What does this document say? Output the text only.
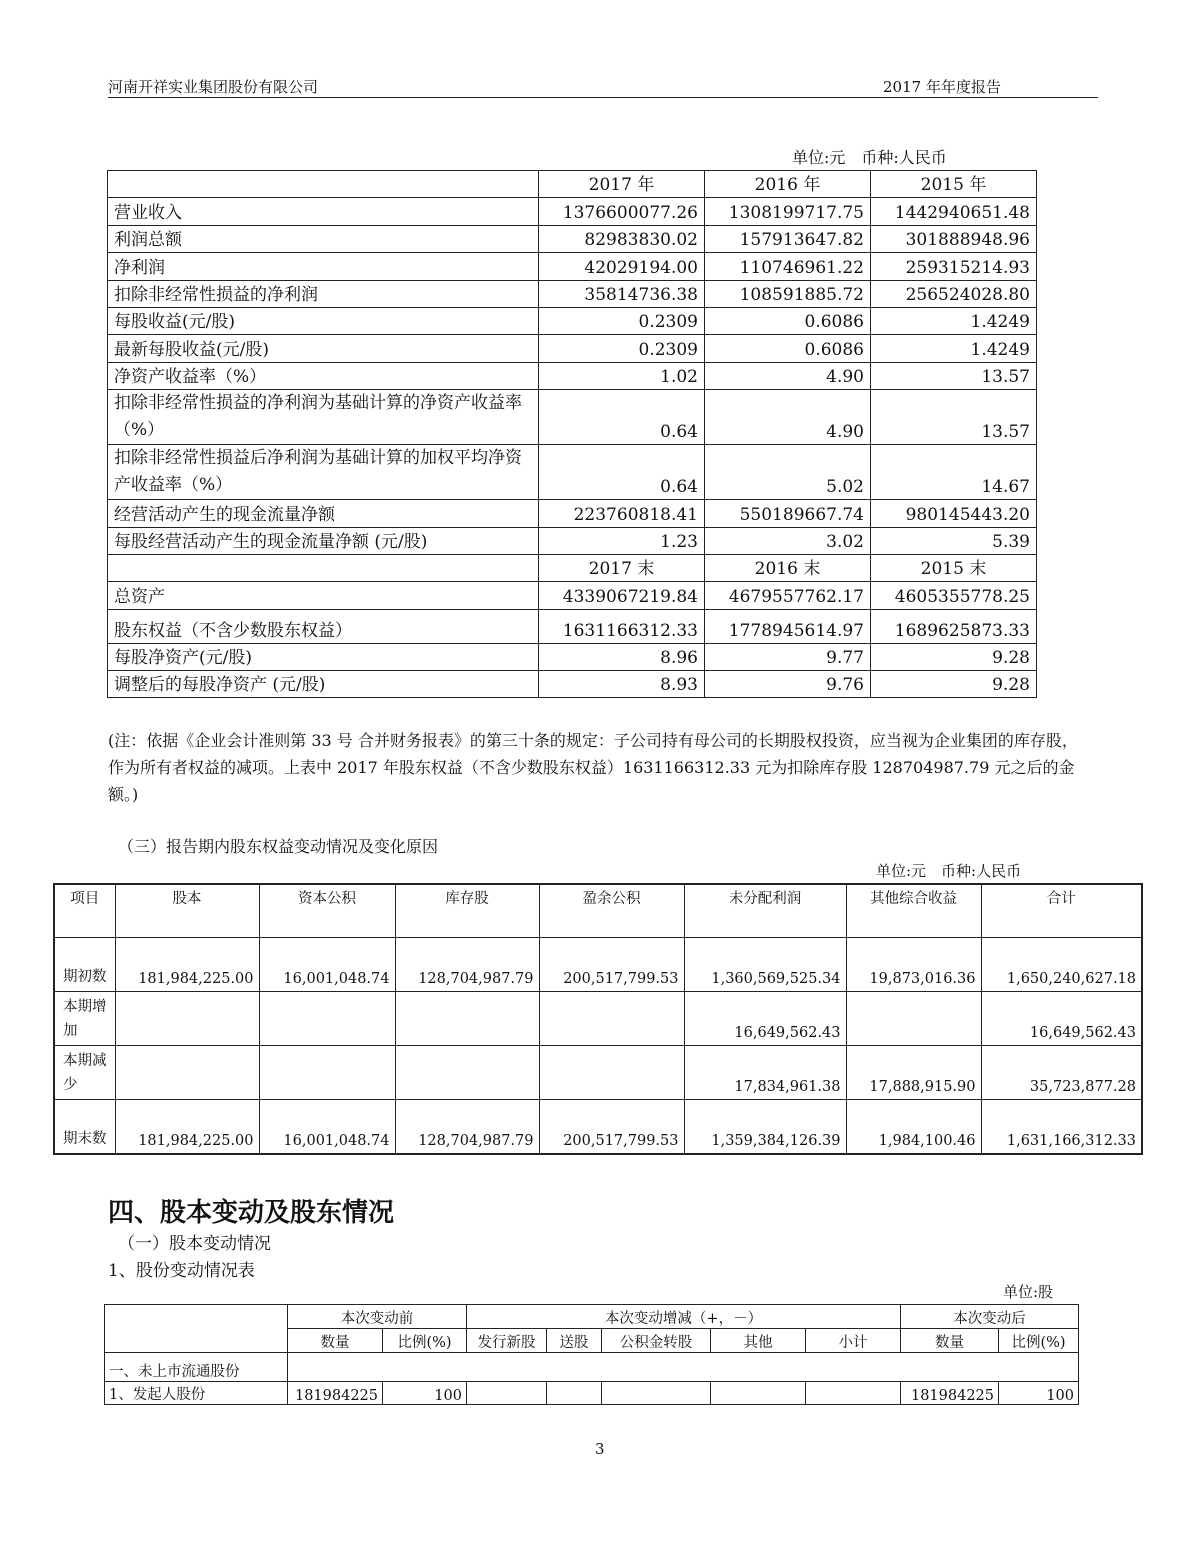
河南开祥实业集团股份有限公司	2017 年年度报告
单位:元　币种:人民币
	2017 年	2016 年	2015 年
营业收入	1376600077.26	1308199717.75	1442940651.48
利润总额	82983830.02	157913647.82	301888948.96
净利润	42029194.00	110746961.22	259315214.93
扣除非经常性损益的净利润	35814736.38	108591885.72	256524028.80
每股收益(元/股)	0.2309	0.6086	1.4249
最新每股收益(元/股)	0.2309	0.6086	1.4249
净资产收益率（%）	1.02	4.90	13.57
扣除非经常性损益的净利润为基础计算的净资产收益率（%）	0.64	4.90	13.57
扣除非经常性损益后净利润为基础计算的加权平均净资产收益率（%）	0.64	5.02	14.67
经营活动产生的现金流量净额	223760818.41	550189667.74	980145443.20
每股经营活动产生的现金流量净额 (元/股)	1.23	3.02	5.39
	2017 末	2016 末	2015 末
总资产	4339067219.84	4679557762.17	4605355778.25
股东权益（不含少数股东权益）	1631166312.33	1778945614.97	1689625873.33
每股净资产(元/股)	8.96	9.77	9.28
调整后的每股净资产 (元/股)	8.93	9.76	9.28
(注：依据《企业会计准则第 33 号 合并财务报表》的第三十条的规定：子公司持有母公司的长期股权投资，应当视为企业集团的库存股，作为所有者权益的减项。上表中 2017 年股东权益（不含少数股东权益）1631166312.33 元为扣除库存股 128704987.79 元之后的金额。)
（三）报告期内股东权益变动情况及变化原因
单位:元　币种:人民币
项目	股本	资本公积	库存股	盈余公积	未分配利润	其他综合收益	合计
期初数	181,984,225.00	16,001,048.74	128,704,987.79	200,517,799.53	1,360,569,525.34	19,873,016.36	1,650,240,627.18
本期增加					16,649,562.43		16,649,562.43
本期减少					17,834,961.38	17,888,915.90	35,723,877.28
期末数	181,984,225.00	16,001,048.74	128,704,987.79	200,517,799.53	1,359,384,126.39	1,984,100.46	1,631,166,312.33
四、股本变动及股东情况
（一）股本变动情况
1、股份变动情况表
单位:股
	本次变动前		本次变动增减（+，－）					本次变动后	
	数量	比例(%)	发行新股	送股	公积金转股	其他	小计	数量	比例(%)
一、未上市流通股份									
1、发起人股份	181984225	100						181984225	100
3
